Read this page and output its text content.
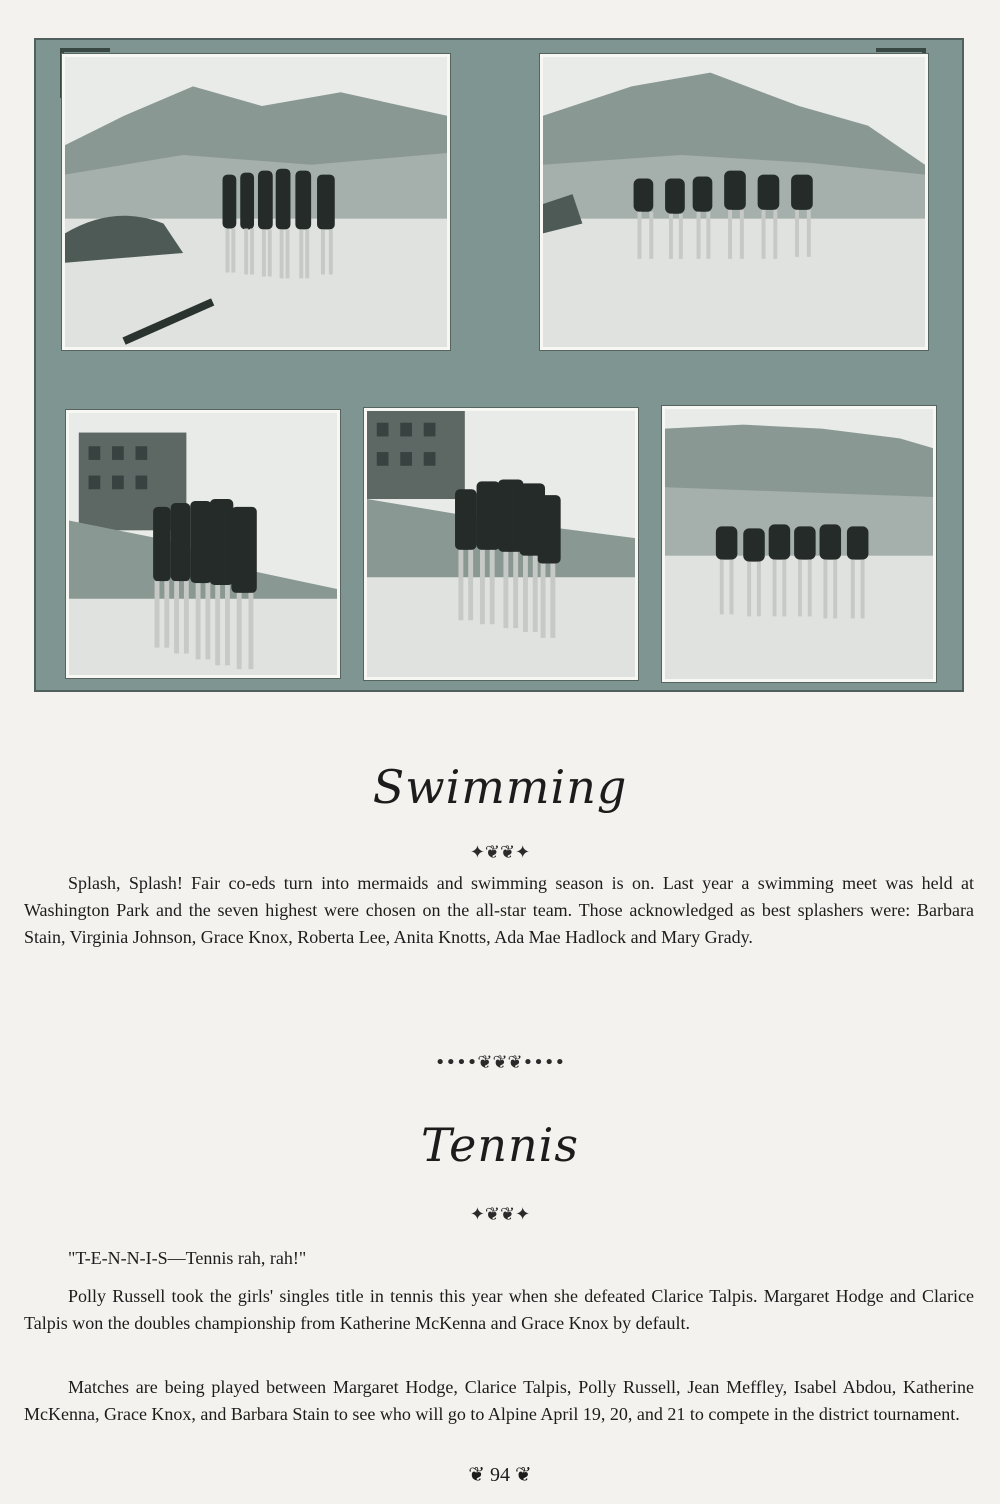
Swimming
✦❦❦✦

Splash, Splash! Fair co-eds turn into mermaids and swimming season is on. Last year a swimming meet was held at Washington Park and the seven highest were chosen on the all-star team. Those acknowledged as best splashers were: Barbara Stain, Virginia Johnson, Grace Knox, Roberta Lee, Anita Knotts, Ada Mae Hadlock and Mary Grady.

••••❦❦❦••••
Tennis
✦❦❦✦

"T-E-N-N-I-S—Tennis rah, rah!"

Polly Russell took the girls' singles title in tennis this year when she defeated Clarice Talpis. Margaret Hodge and Clarice Talpis won the doubles championship from Katherine McKenna and Grace Knox by default.

Matches are being played between Margaret Hodge, Clarice Talpis, Polly Russell, Jean Meffley, Isabel Abdou, Katherine McKenna, Grace Knox, and Barbara Stain to see who will go to Alpine April 19, 20, and 21 to compete in the district tournament.

❦ 94 ❦
